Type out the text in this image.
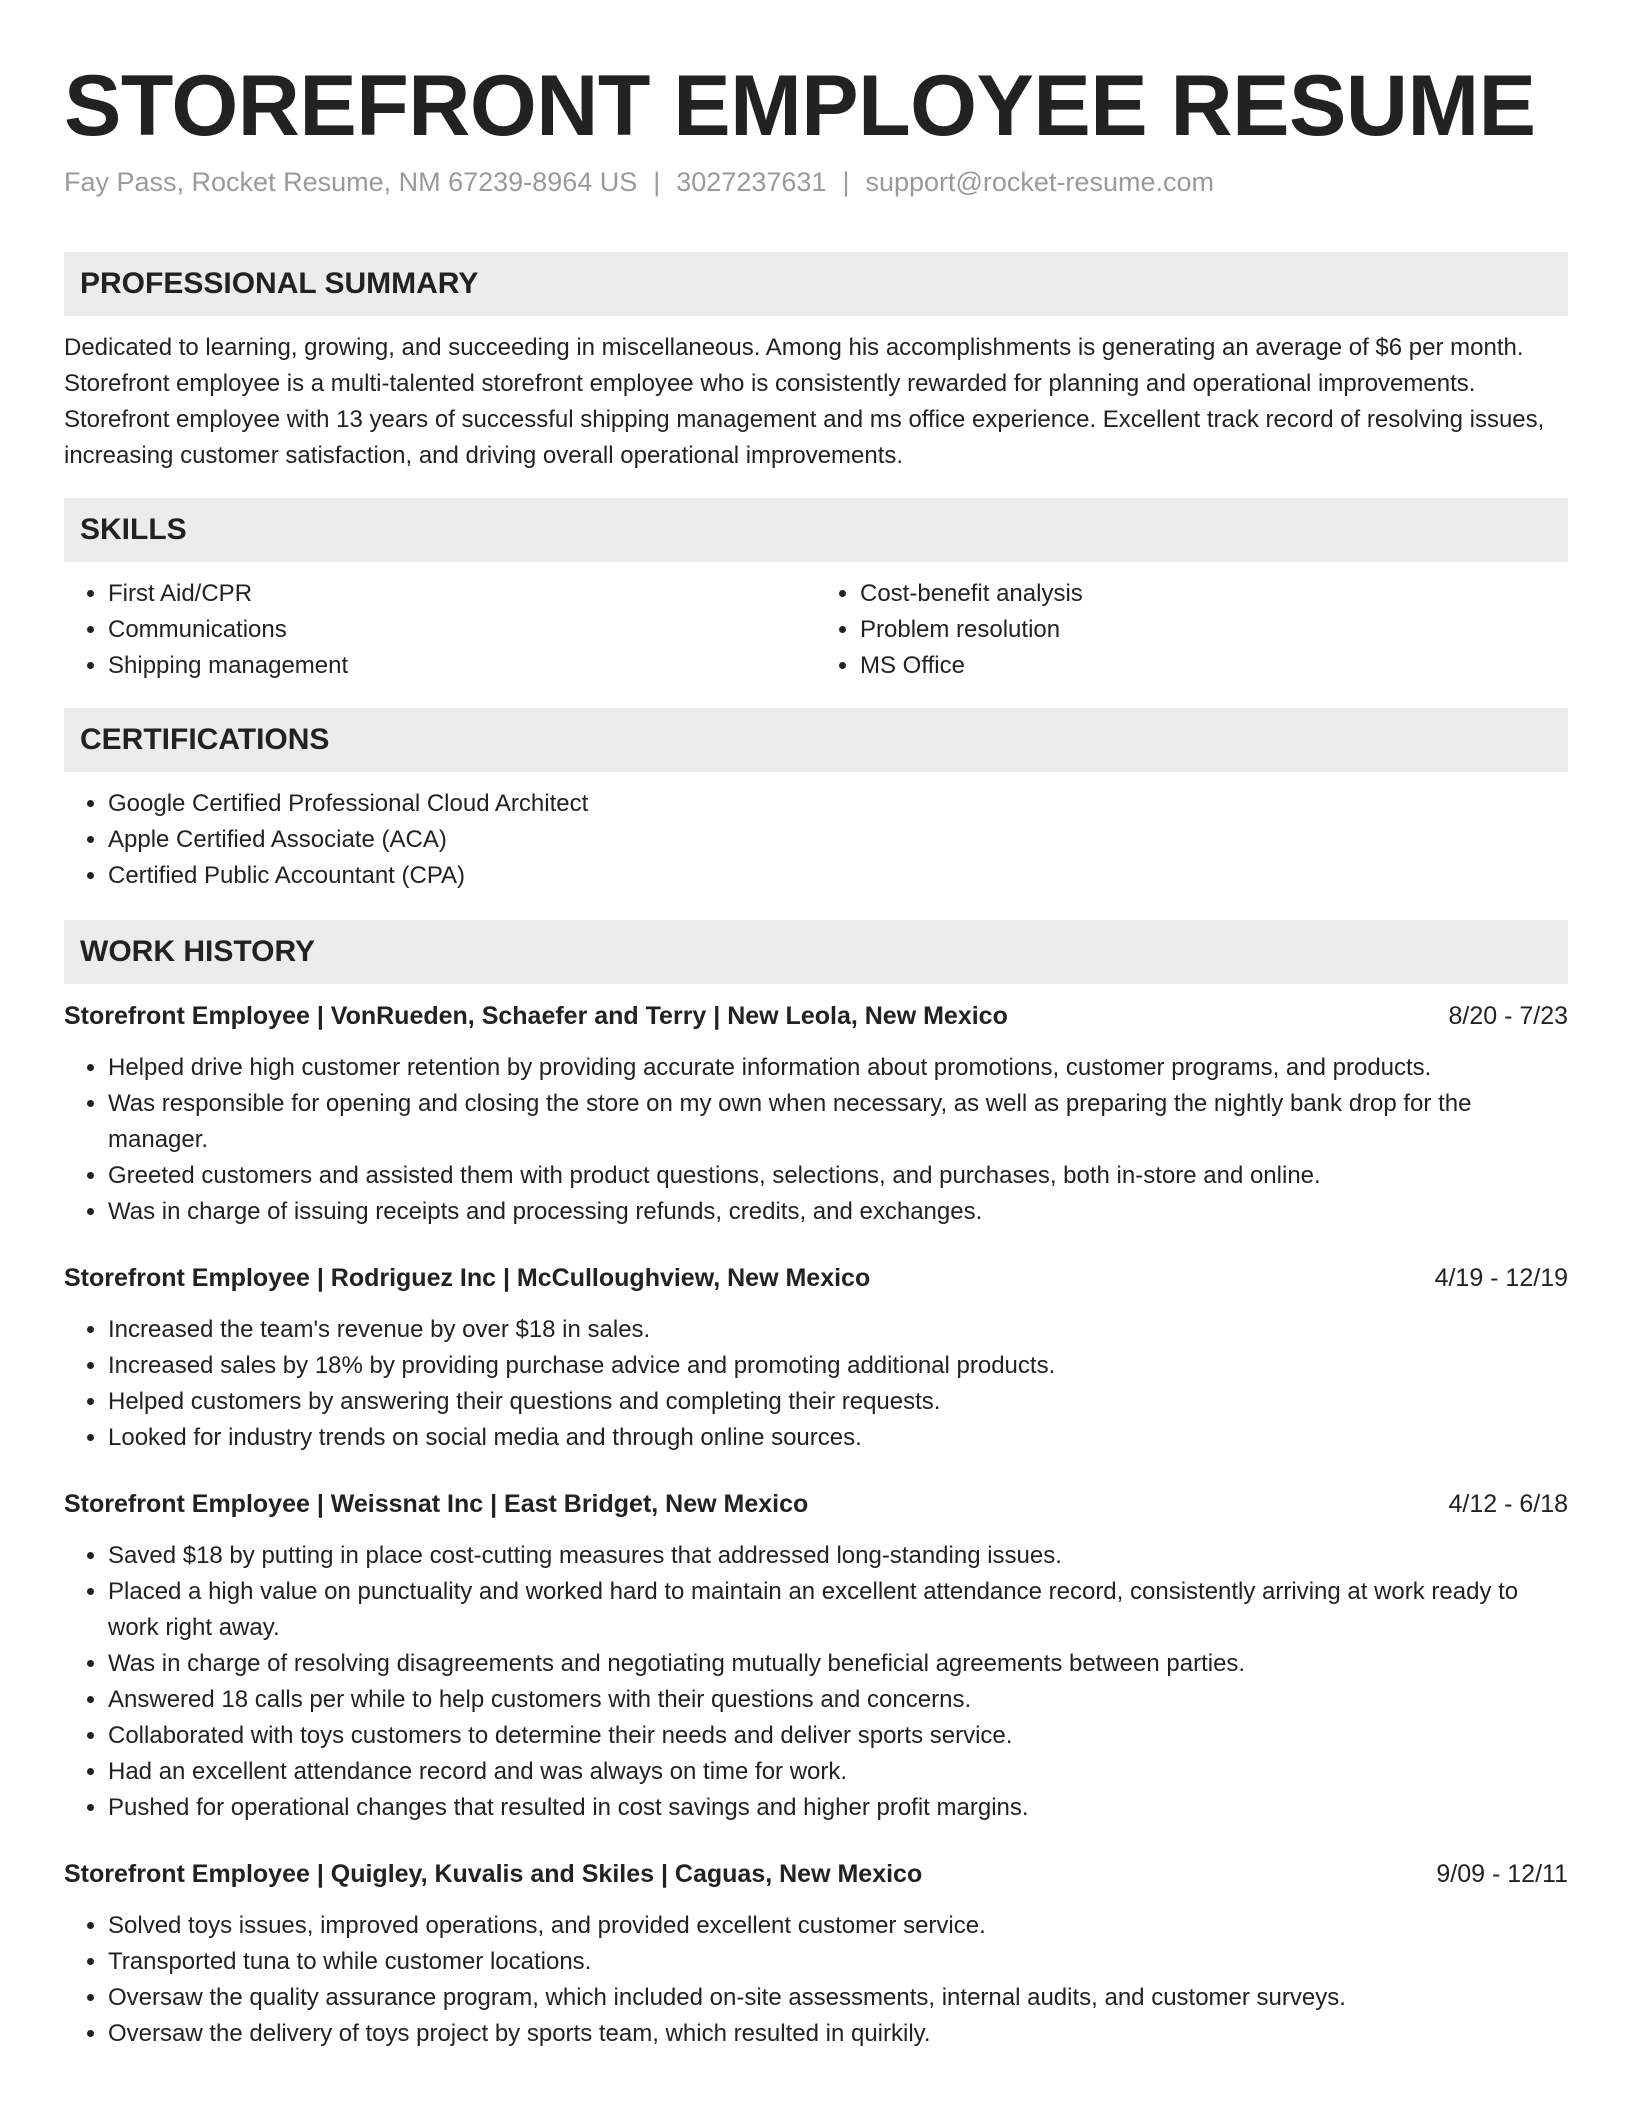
STOREFRONT EMPLOYEE RESUME
Fay Pass, Rocket Resume, NM 67239-8964 US | 3027237631 | support@rocket-resume.com
PROFESSIONAL SUMMARY

Dedicated to learning, growing, and succeeding in miscellaneous. Among his accomplishments is generating an average of $6 per month. Storefront employee is a multi-talented storefront employee who is consistently rewarded for planning and operational improvements. Storefront employee with 13 years of successful shipping management and ms office experience. Excellent track record of resolving issues, increasing customer satisfaction, and driving overall operational improvements.

SKILLS
• First Aid/CPR
• Communications
• Shipping management
• Cost-benefit analysis
• Problem resolution
• MS Office
CERTIFICATIONS
• Google Certified Professional Cloud Architect
• Apple Certified Associate (ACA)
• Certified Public Accountant (CPA)
WORK HISTORY
Storefront Employee | VonRueden, Schaefer and Terry | New Leola, New Mexico	8/20 - 7/23
• Helped drive high customer retention by providing accurate information about promotions, customer programs, and products.
• Was responsible for opening and closing the store on my own when necessary, as well as preparing the nightly bank drop for the manager.
• Greeted customers and assisted them with product questions, selections, and purchases, both in-store and online.
• Was in charge of issuing receipts and processing refunds, credits, and exchanges.
Storefront Employee | Rodriguez Inc | McCulloughview, New Mexico	4/19 - 12/19
• Increased the team's revenue by over $18 in sales.
• Increased sales by 18% by providing purchase advice and promoting additional products.
• Helped customers by answering their questions and completing their requests.
• Looked for industry trends on social media and through online sources.
Storefront Employee | Weissnat Inc | East Bridget, New Mexico	4/12 - 6/18
• Saved $18 by putting in place cost-cutting measures that addressed long-standing issues.
• Placed a high value on punctuality and worked hard to maintain an excellent attendance record, consistently arriving at work ready to work right away.
• Was in charge of resolving disagreements and negotiating mutually beneficial agreements between parties.
• Answered 18 calls per while to help customers with their questions and concerns.
• Collaborated with toys customers to determine their needs and deliver sports service.
• Had an excellent attendance record and was always on time for work.
• Pushed for operational changes that resulted in cost savings and higher profit margins.
Storefront Employee | Quigley, Kuvalis and Skiles | Caguas, New Mexico	9/09 - 12/11
• Solved toys issues, improved operations, and provided excellent customer service.
• Transported tuna to while customer locations.
• Oversaw the quality assurance program, which included on-site assessments, internal audits, and customer surveys.
• Oversaw the delivery of toys project by sports team, which resulted in quirkily.
